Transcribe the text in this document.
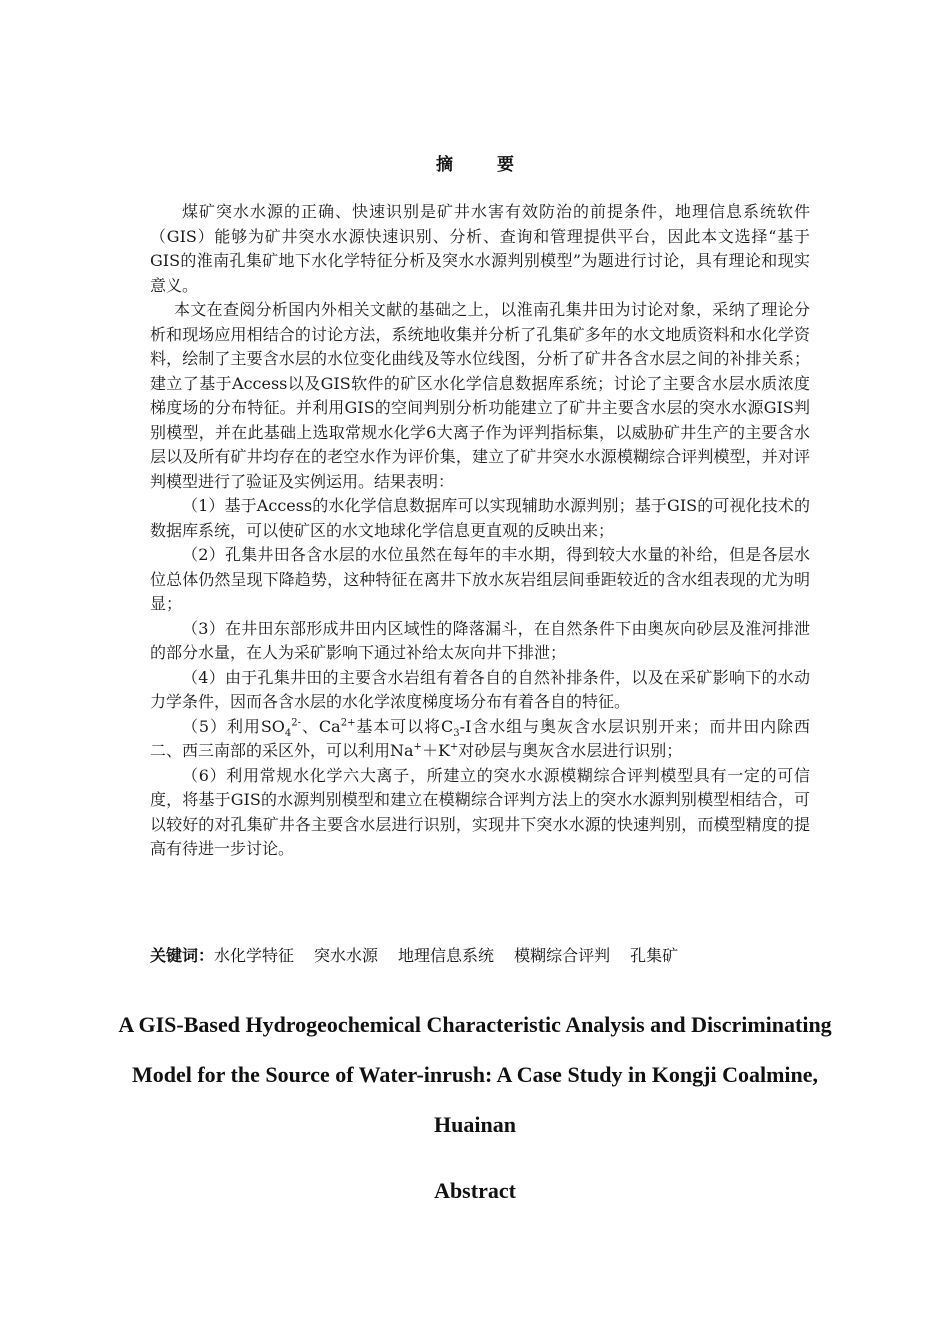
摘	要

煤矿突水水源的正确、快速识别是矿井水害有效防治的前提条件，地理信息系统软件（GIS）能够为矿井突水水源快速识别、分析、查询和管理提供平台，因此本文选择“基于GIS的淮南孔集矿地下水化学特征分析及突水水源判别模型”为题进行讨论，具有理论和现实意义。

本文在查阅分析国内外相关文献的基础之上，以淮南孔集井田为讨论对象，采纳了理论分析和现场应用相结合的讨论方法，系统地收集并分析了孔集矿多年的水文地质资料和水化学资料，绘制了主要含水层的水位变化曲线及等水位线图，分析了矿井各含水层之间的补排关系；建立了基于Access以及GIS软件的矿区水化学信息数据库系统；讨论了主要含水层水质浓度梯度场的分布特征。并利用GIS的空间判别分析功能建立了矿井主要含水层的突水水源GIS判别模型，并在此基础上选取常规水化学6大离子作为评判指标集，以威胁矿井生产的主要含水层以及所有矿井均存在的老空水作为评价集，建立了矿井突水水源模糊综合评判模型，并对评判模型进行了验证及实例运用。结果表明：

（1）基于Access的水化学信息数据库可以实现辅助水源判别；基于GIS的可视化技术的数据库系统，可以使矿区的水文地球化学信息更直观的反映出来；

（2）孔集井田各含水层的水位虽然在每年的丰水期，得到较大水量的补给，但是各层水位总体仍然呈现下降趋势，这种特征在离井下放水灰岩组层间垂距较近的含水组表现的尤为明显；

（3）在井田东部形成井田内区域性的降落漏斗，在自然条件下由奥灰向砂层及淮河排泄的部分水量，在人为采矿影响下通过补给太灰向井下排泄；

（4）由于孔集井田的主要含水岩组有着各自的自然补排条件，以及在采矿影响下的水动力学条件，因而各含水层的水化学浓度梯度场分布有着各自的特征。

（5）利用$SO_4^{2-}$、$Ca^{2+}$基本可以将$C_3-I$含水组与奥灰含水层识别开来；而井田内除西二、西三南部的采区外，可以利用Na+＋K+对砂层与奥灰含水层进行识别；

（6）利用常规水化学六大离子，所建立的突水水源模糊综合评判模型具有一定的可信度，将基于GIS的水源判别模型和建立在模糊综合评判方法上的突水水源判别模型相结合，可以较好的对孔集矿井各主要含水层进行识别，实现井下突水水源的快速判别，而模型精度的提高有待进一步讨论。

关键词：水化学特征 突水水源 地理信息系统 模糊综合评判 孔集矿
A GIS-Based Hydrogeochemical Characteristic Analysis and Discriminating Model for the Source of Water-inrush: A Case Study in Kongji Coalmine, Huainan
Abstract
